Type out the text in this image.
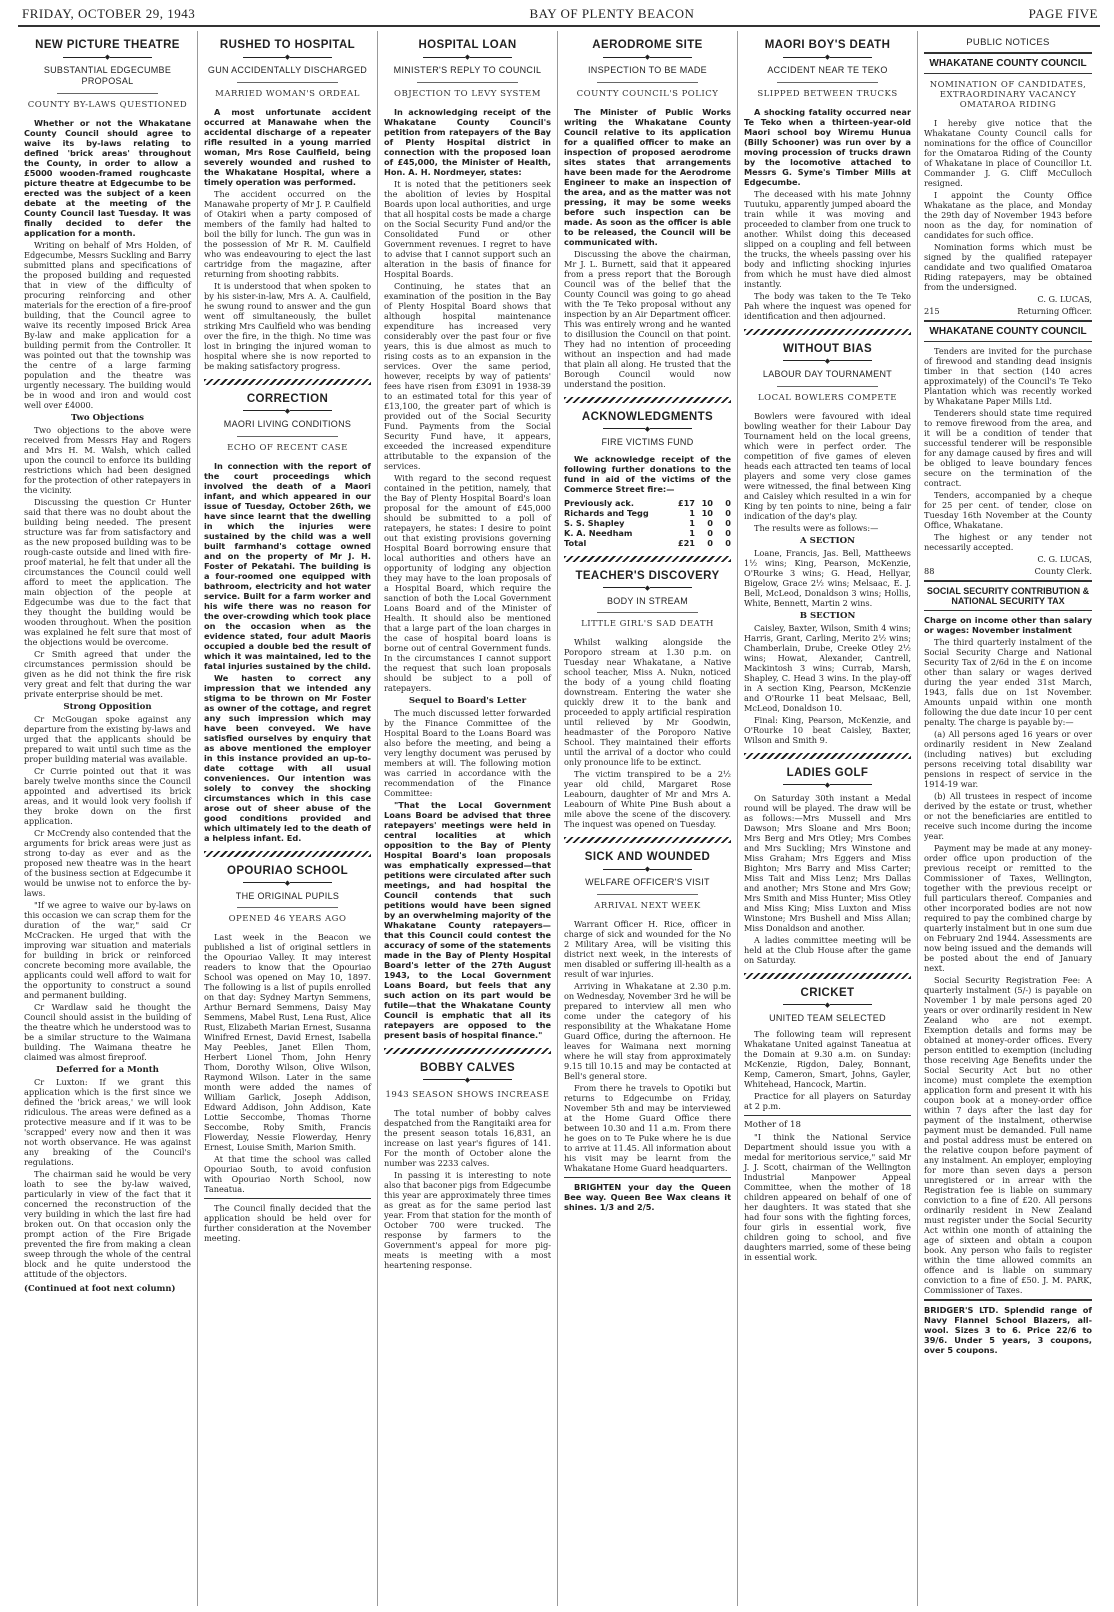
FRIDAY, OCTOBER 29, 1943	BAY OF PLENTY BEACON	PAGE FIVE
NEW PICTURE THEATRE
◆
SUBSTANTIAL EDGECUMBE PROPOSAL
COUNTY BY-LAWS QUESTIONED

Whether or not the Whakatane County Council should agree to waive its by-laws relating to defined 'brick areas' throughout the County, in order to allow a £5000 wooden-framed roughcaste picture theatre at Edgecumbe to be erected was the subject of a keen debate at the meeting of the County Council last Tuesday. It was finally decided to defer the application for a month.

Writing on behalf of Mrs Holden, of Edgecumbe, Messrs Suckling and Barry submitted plans and specifications of the proposed building and requested that in view of the difficulty of procuring reinforcing and other materials for the erection of a fire-proof building, that the Council agree to waive its recently imposed Brick Area By-law and make application for a building permit from the Controller. It was pointed out that the township was the centre of a large farming population and the theatre was urgently necessary. The building would be in wood and iron and would cost well over £4000.

Two Objections

Two objections to the above were received from Messrs Hay and Rogers and Mrs H. M. Walsh, which called upon the council to enforce its building restrictions which had been designed for the protection of other ratepayers in the vicinity.

Discussing the question Cr Hunter said that there was no doubt about the building being needed. The present structure was far from satisfactory and as the new proposed building was to be rough-caste outside and lined with fire-proof material, he felt that under all the circumstances the Council could well afford to meet the application. The main objection of the people at Edgecumbe was due to the fact that they thought the building would be wooden throughout. When the position was explained he felt sure that most of the objections would be overcome.

Cr Smith agreed that under the circumstances permission should be given as he did not think the fire risk very great and felt that during the war private enterprise should be met.

Strong Opposition

Cr McGougan spoke against any departure from the existing by-laws and urged that the applicants should be prepared to wait until such time as the proper building material was available.

Cr Currie pointed out that it was barely twelve months since the Council appointed and advertised its brick areas, and it would look very foolish if they broke down on the first application.

Cr McCrendy also contended that the arguments for brick areas were just as strong to-day as ever and as the proposed new theatre was in the heart of the business section at Edgecumbe it would be unwise not to enforce the by-laws.

"If we agree to waive our by-laws on this occasion we can scrap them for the duration of the war," said Cr McCracken. He urged that with the improving war situation and materials for building in brick or reinforced concrete becoming more available, the applicants could well afford to wait for the opportunity to construct a sound and permanent building.

Cr Wardlaw said he thought the Council should assist in the building of the theatre which he understood was to be a similar structure to the Waimana building. The Waimana theatre he claimed was almost fireproof.

Deferred for a Month

Cr Luxton: If we grant this application which is the first since we defined the 'brick areas,' we will look ridiculous. The areas were defined as a protective measure and if it was to be 'scrapped' every now and then it was not worth observance. He was against any breaking of the Council's regulations.

The chairman said he would be very loath to see the by-law waived, particularly in view of the fact that it concerned the reconstruction of the very building in which the last fire had broken out. On that occasion only the prompt action of the Fire Brigade prevented the fire from making a clean sweep through the whole of the central block and he quite understood the attitude of the objectors.

(Continued at foot next column)
RUSHED TO HOSPITAL
◆
GUN ACCIDENTALLY DISCHARGED
MARRIED WOMAN'S ORDEAL

A most unfortunate accident occurred at Manawahe when the accidental discharge of a repeater rifle resulted in a young married woman, Mrs Rose Caulfield, being severely wounded and rushed to the Whakatane Hospital, where a timely operation was performed.

The accident occurred on the Manawahe property of Mr J. P. Caulfield of Otakiri when a party composed of members of the family had halted to boil the billy for lunch. The gun was in the possession of Mr R. M. Caulfield who was endeavouring to eject the last cartridge from the magazine, after returning from shooting rabbits.

It is understood that when spoken to by his sister-in-law, Mrs A. A. Caulfield, he swung round to answer and the gun went off simultaneously, the bullet striking Mrs Caulfield who was bending over the fire, in the thigh. No time was lost in bringing the injured woman to hospital where she is now reported to be making satisfactory progress.

CORRECTION
◆
MAORI LIVING CONDITIONS
ECHO OF RECENT CASE

In connection with the report of the court proceedings which involved the death of a Maori infant, and which appeared in our issue of Tuesday, October 26th, we have since learnt that the dwelling in which the injuries were sustained by the child was a well built farmhand's cottage owned and on the property of Mr J. H. Foster of Pekatahi. The building is a four-roomed one equipped with bathroom, electricity and hot water service. Built for a farm worker and his wife there was no reason for the over-crowding which took place on the occasion when as the evidence stated, four adult Maoris occupied a double bed the result of which it was maintained, led to the fatal injuries sustained by the child.

We hasten to correct any impression that we intended any stigma to be thrown on Mr Foster as owner of the cottage, and regret any such impression which may have been conveyed. We have satisfied ourselves by enquiry that as above mentioned the employer in this instance provided an up-to-date cottage with all usual conveniences. Our intention was solely to convey the shocking circumstances which in this case arose out of sheer abuse of the good conditions provided and which ultimately led to the death of a helpless infant. Ed.

OPOURIAO SCHOOL
◆
THE ORIGINAL PUPILS
OPENED 46 YEARS AGO

Last week in the Beacon we published a list of original settlers in the Opouriao Valley. It may interest readers to know that the Opouriao School was opened on May 10, 1897. The following is a list of pupils enrolled on that day: Sydney Martyn Semmens, Arthur Bernard Semmens, Daisy May Semmens, Mabel Rust, Lena Rust, Alice Rust, Elizabeth Marian Ernest, Susanna Winifred Ernest, David Ernest, Isabella May Peebles, Janet Ellen Thom, Herbert Lionel Thom, John Henry Thom, Dorothy Wilson, Olive Wilson, Raymond Wilson. Later in the same month were added the names of William Garlick, Joseph Addison, Edward Addison, John Addison, Kate Lottie Seccombe, Thomas Thorne Seccombe, Roby Smith, Francis Flowerday, Nessie Flowerday, Henry Ernest, Louise Smith, Marion Smith.

At that time the school was called Opouriao South, to avoid confusion with Opouriao North School, now Taneatua.

The Council finally decided that the application should be held over for further consideration at the November meeting.

HOSPITAL LOAN
◆
MINISTER'S REPLY TO COUNCIL
OBJECTION TO LEVY SYSTEM

In acknowledging receipt of the Whakatane County Council's petition from ratepayers of the Bay of Plenty Hospital district in connection with the proposed loan of £45,000, the Minister of Health, Hon. A. H. Nordmeyer, states:

It is noted that the petitioners seek the abolition of levies by Hospital Boards upon local authorities, and urge that all hospital costs be made a charge on the Social Security Fund and/or the Consolidated Fund or other Government revenues. I regret to have to advise that I cannot support such an alteration in the basis of finance for Hospital Boards.

Continuing, he states that an examination of the position in the Bay of Plenty Hospital Board shows that although hospital maintenance expenditure has increased very considerably over the past four or five years, this is due almost as much to rising costs as to an expansion in the services. Over the same period, however, receipts by way of patients' fees have risen from £3091 in 1938-39 to an estimated total for this year of £13,100, the greater part of which is provided out of the Social Security Fund. Payments from the Social Security Fund have, it appears, exceeded the increased expenditure attributable to the expansion of the services.

With regard to the second request contained in the petition, namely, that the Bay of Plenty Hospital Board's loan proposal for the amount of £45,000 should be submitted to a poll of ratepayers, he states: I desire to point out that existing provisions governing Hospital Board borrowing ensure that local authorities and others have an opportunity of lodging any objection they may have to the loan proposals of a Hospital Board, which require the sanction of both the Local Government Loans Board and of the Minister of Health. It should also be mentioned that a large part of the loan charges in the case of hospital board loans is borne out of central Government funds. In the circumstances I cannot support the request that such loan proposals should be subject to a poll of ratepayers.

Sequel to Board's Letter

The much discussed letter forwarded by the Finance Committee of the Hospital Board to the Loans Board was also before the meeting, and being a very lengthy document was perused by members at will. The following motion was carried in accordance with the recommendation of the Finance Committee:

"That the Local Government Loans Board be advised that three ratepayers' meetings were held in central localities at which opposition to the Bay of Plenty Hospital Board's loan proposals was emphatically expressed—that petitions were circulated after such meetings, and had hospital the Council contends that such petitions would have been signed by an overwhelming majority of the Whakatane County ratepayers—that this Council could contest the accuracy of some of the statements made in the Bay of Plenty Hospital Board's letter of the 27th August 1943, to the Local Government Loans Board, but feels that any such action on its part would be futile—that the Whakatane County Council is emphatic that all its ratepayers are opposed to the present basis of hospital finance."

BOBBY CALVES
◆
1943 SEASON SHOWS INCREASE

The total number of bobby calves despatched from the Rangitaiki area for the present season totals 16,831, an increase on last year's figures of 141. For the month of October alone the number was 2233 calves.

In passing it is interesting to note also that baconer pigs from Edgecumbe this year are approximately three times as great as for the same period last year. From that station for the month of October 700 were trucked. The response by farmers to the Government's appeal for more pig-meats is meeting with a most heartening response.

AERODROME SITE
◆
INSPECTION TO BE MADE
COUNTY COUNCIL'S POLICY

The Minister of Public Works writing the Whakatane County Council relative to its application for a qualified officer to make an inspection of proposed aerodrome sites states that arrangements have been made for the Aerodrome Engineer to make an inspection of the area, and as the matter was not pressing, it may be some weeks before such inspection can be made. As soon as the officer is able to be released, the Council will be communicated with.

Discussing the above the chairman, Mr J. L. Burnett, said that it appeared from a press report that the Borough Council was of the belief that the County Council was going to go ahead with the Te Teko proposal without any inspection by an Air Department officer. This was entirely wrong and he wanted to disillusion the Council on that point. They had no intention of proceeding without an inspection and had made that plain all along. He trusted that the Borough Council would now understand the position.

ACKNOWLEDGMENTS
◆
FIRE VICTIMS FUND

We acknowledge receipt of the following further donations to the fund in aid of the victims of the Commerce Street fire:—

Previously ack.	£17	10	0
Richards and Tegg	1	10	0
S. S. Shapley	1	0	0
K. A. Needham	1	0	0
Total	£21	0	0
TEACHER'S DISCOVERY
◆
BODY IN STREAM
LITTLE GIRL'S SAD DEATH

Whilst walking alongside the Poroporo stream at 1.30 p.m. on Tuesday near Whakatane, a Native school teacher, Miss A. Nukn, noticed the body of a young child floating downstream. Entering the water she quickly drew it to the bank and proceeded to apply artificial respiration until relieved by Mr Goodwin, headmaster of the Poroporo Native School. They maintained their efforts until the arrival of a doctor who could only pronounce life to be extinct.

The victim transpired to be a 2½ year old child, Margaret Rose Leabourn, daughter of Mr and Mrs A. Leabourn of White Pine Bush about a mile above the scene of the discovery. The inquest was opened on Tuesday.

SICK AND WOUNDED
◆
WELFARE OFFICER'S VISIT
ARRIVAL NEXT WEEK

Warrant Officer H. Rice, officer in charge of sick and wounded for the No 2 Military Area, will be visiting this district next week, in the interests of men disabled or suffering ill-health as a result of war injuries.

Arriving in Whakatane at 2.30 p.m. on Wednesday, November 3rd he will be prepared to interview all men who come under the category of his responsibility at the Whakatane Home Guard Office, during the afternoon. He leaves for Waimana next morning where he will stay from approximately 9.15 till 10.15 and may be contacted at Bell's general store.

From there he travels to Opotiki but returns to Edgecumbe on Friday, November 5th and may be interviewed at the Home Guard Office there between 10.30 and 11 a.m. From there he goes on to Te Puke where he is due to arrive at 11.45. All information about his visit may be learnt from the Whakatane Home Guard headquarters.

BRIGHTEN your day the Queen Bee way. Queen Bee Wax cleans it shines. 1/3 and 2/5.

MAORI BOY'S DEATH
◆
ACCIDENT NEAR TE TEKO
SLIPPED BETWEEN TRUCKS

A shocking fatality occurred near Te Teko when a thirteen-year-old Maori school boy Wiremu Hunua (Billy Schooner) was run over by a moving procession of trucks drawn by the locomotive attached to Messrs G. Syme's Timber Mills at Edgecumbe.

The deceased with his mate Johnny Tuutuku, apparently jumped aboard the train while it was moving and proceeded to clamber from one truck to another. Whilst doing this deceased slipped on a coupling and fell between the trucks, the wheels passing over his body and inflicting shocking injuries from which he must have died almost instantly.

The body was taken to the Te Teko Pah where the inquest was opened for identification and then adjourned.

WITHOUT BIAS
◆
LABOUR DAY TOURNAMENT
LOCAL BOWLERS COMPETE

Bowlers were favoured with ideal bowling weather for their Labour Day Tournament held on the local greens, which were in perfect order. The competition of five games of eleven heads each attracted ten teams of local players and some very close games were witnessed, the final between King and Caisley which resulted in a win for King by ten points to nine, being a fair indication of the day's play.

The results were as follows:—

A SECTION

Loane, Francis, Jas. Bell, Mattheews 1½ wins; King, Pearson, McKenzie, O'Rourke 3 wins; G. Head, Hellyar, Bigelow, Grace 2½ wins; Melsaac, E. J. Bell, McLeod, Donaldson 3 wins; Hollis, White, Bennett, Martin 2 wins.

B SECTION

Caisley, Baxter, Wilson, Smith 4 wins; Harris, Grant, Carling, Merito 2½ wins; Chamberlain, Drube, Creeke Otley 2½ wins; Howat, Alexander, Cantrell, Mackintosh 3 wins; Currab, Marsh, Shapley, C. Head 3 wins. In the play-off in A section King, Pearson, McKenzie and O'Rourke 11 beat Melsaac, Bell, McLeod, Donaldson 10.

Final: King, Pearson, McKenzie, and O'Rourke 10 beat Caisley, Baxter, Wilson and Smith 9.

LADIES GOLF
◆

On Saturday 30th instant a Medal round will be played. The draw will be as follows:—Mrs Mussell and Mrs Dawson; Mrs Sloane and Mrs Boon; Mrs Berg and Mrs Otley; Mrs Combes and Mrs Suckling; Mrs Winstone and Miss Graham; Mrs Eggers and Miss Bighton; Mrs Barry and Miss Carter; Miss Tait and Miss Lenz; Mrs Dallas and another; Mrs Stone and Mrs Gow; Mrs Smith and Miss Hunter; Miss Otley and Miss King; Miss Luxton and Miss Winstone; Mrs Bushell and Miss Allan; Miss Donaldson and another.

A ladies committee meeting will be held at the Club House after the game on Saturday.

CRICKET
◆
UNITED TEAM SELECTED

The following team will represent Whakatane United against Taneatua at the Domain at 9.30 a.m. on Sunday: McKenzie, Rigdon, Daley, Bonnant, Kemp, Cameron, Smart, Johns, Gayler, Whitehead, Hancock, Martin.

Practice for all players on Saturday at 2 p.m.

Mother of 18

"I think the National Service Department should issue you with a medal for meritorious service," said Mr J. J. Scott, chairman of the Wellington Industrial Manpower Appeal Committee, when the mother of 18 children appeared on behalf of one of her daughters. It was stated that she had four sons with the fighting forces, four girls in essential work, five children going to school, and five daughters married, some of these being in essential work.

PUBLIC NOTICES
WHAKATANE COUNTY COUNCIL
NOMINATION OF CANDIDATES, EXTRAORDINARY VACANCY OMATAROA RIDING

I hereby give notice that the Whakatane County Council calls for nominations for the office of Councillor for the Omataroa Riding of the County of Whakatane in place of Councillor Lt. Commander J. G. Cliff McCulloch resigned.

I appoint the County Office Whakatane as the place, and Monday the 29th day of November 1943 before noon as the day, for nomination of candidates for such office.

Nomination forms which must be signed by the qualified ratepayer candidate and two qualified Omataroa Riding ratepayers, may be obtained from the undersigned.

C. G. LUCAS,
215	Returning Officer.
WHAKATANE COUNTY COUNCIL

Tenders are invited for the purchase of firewood and standing dead insignis timber in that section (140 acres approximately) of the Council's Te Teko Plantation which was recently worked by Whakatane Paper Mills Ltd.

Tenderers should state time required to remove firewood from the area, and it will be a condition of tender that successful tenderer will be responsible for any damage caused by fires and will be obliged to leave boundary fences secure on the termination of the contract.

Tenders, accompanied by a cheque for 25 per cent. of tender, close on Tuesday 16th November at the County Office, Whakatane.

The highest or any tender not necessarily accepted.

C. G. LUCAS,
88	County Clerk.
SOCIAL SECURITY CONTRIBUTION & NATIONAL SECURITY TAX

Charge on income other than salary or wages: November instalment

The third quarterly instalment of the Social Security Charge and National Security Tax of 2/6d in the £ on income other than salary or wages derived during the year ended 31st March, 1943, falls due on 1st November. Amounts unpaid within one month following the due date incur 10 per cent penalty. The charge is payable by:—

(a) All persons aged 16 years or over ordinarily resident in New Zealand (including natives) but excluding persons receiving total disability war pensions in respect of service in the 1914-19 war.

(b) All trustees in respect of income derived by the estate or trust, whether or not the beneficiaries are entitled to receive such income during the income year.

Payment may be made at any money-order office upon production of the previous receipt or remitted to the Commissioner of Taxes, Wellington, together with the previous receipt or full particulars thereof. Companies and other incorporated bodies are not now required to pay the combined charge by quarterly instalment but in one sum due on February 2nd 1944. Assessments are now being issued and the demands will be posted about the end of January next.

Social Security Registration Fee: A quarterly instalment (5/-) is payable on November 1 by male persons aged 20 years or over ordinarily resident in New Zealand who are not exempt. Exemption details and forms may be obtained at money-order offices. Every person entitled to exemption (including those receiving Age Benefits under the Social Security Act but no other income) must complete the exemption application form and present it with his coupon book at a money-order office within 7 days after the last day for payment of the instalment, otherwise payment must be demanded. Full name and postal address must be entered on the relative coupon before payment of any instalment. An employer, employing for more than seven days a person unregistered or in arrear with the Registration fee is liable on summary conviction to a fine of £20. All persons ordinarily resident in New Zealand must register under the Social Security Act within one month of attaining the age of sixteen and obtain a coupon book. Any person who fails to register within the time allowed commits an offence and is liable on summary conviction to a fine of £50. J. M. PARK, Commissioner of Taxes.

BRIDGER'S LTD. Splendid range of Navy Flannel School Blazers, all-wool. Sizes 3 to 6. Price 22/6 to 39/6. Under 5 years, 3 coupons, over 5 coupons.
